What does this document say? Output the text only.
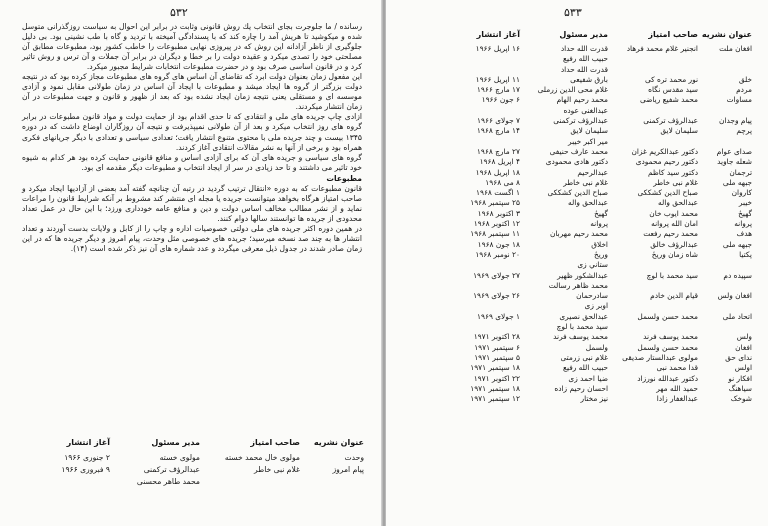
۵۳۲

رسانده / ما جلوجرت بجای انتخاب یك روش قانونی وثابت در برابر این احوال به سیاست روزگذرانی متوسل شده و میکوشید تا هریش آمد را چاره کند که با پسندادگی آمیخته با تردید و گاه با طب نشینی بود. بی دلیل جلوگیری از ناظر آزادانه این روش که در پیروزی نهایی مطبوعات را خاطب کشور بود، مطبوعات مطابق آن مصلحتی خود را تصدی میکرد و عقیده دولت را بر خطا و دیگران در برابر آن جملات و آن ترس و روش تاثیر کرد و در قانون اساسی صرف بود و در حضرت مطبوعات انتخابات شرایط مجبور میکرد.

این مفعول زمان بعنوان دولت ابرد که تقاضای آن اساس های گروه های مطبوعات مجاز کرده بود که در نتیجه دولت بزرگتر از گروه ها ایجاد میشد و مطبوعات با ایجاد آن اساس در زمان طولانی مقابل نمود و آزادی موسسه ای و مستقلی یعنی نتیجه زمان ایجاد نشده بود که بعد از ظهور و قانون و جهت مطبوعات در آن زمان انتشار میکردند.

ازادی چاپ جریده های ملی و انتقادی که تا حدی اقدام بود از حمایت دولت و مواد قانون مطبوعات در برابر گروه های روز انتخاب میکرد و بعد از آن طولانی نمیپذیرفت و نتیجه آن روزگاران اوضاع داشت که در دوره ۱۳۴۵ بیست و چند جریده ملی با محتوی متنوع انتشار یافت؛ تعدادی سیاسی و تعدادی با دیگر جریانهای فکری همراه بود و برخی از آنها به نشر مقالات انتقادی آغاز کردند.

گروه های سیاسی و جریده های آن که برای آزادی اساس و منافع قانونی حمایت کرده بود هر کدام به شیوه خود تاثیر می داشتند و تا حد زیادی در سر از ایجاد انتخاب و مطبوعات دیگر مقدمه ای بود.

مطبوعات

قانون مطبوعات که به دوره «انتقال ترتیب گردید در رتبه آن چنانچه گفته آمد بعضی از آزادیها ایجاد میکرد و صاحب امتیاز هرگاه بخواهد میتوانست جریده یا مجله ای منتشر کند مشروط بر آنکه شرایط قانون را مراعات نماید و از نشر مطالب مخالف اساس دولت و دین و منافع عامه خودداری ورزد؛ با این حال در عمل تعداد محدودی از جریده ها توانستند سالها دوام کنند.

در همین دوره اکثر جریده های ملی دولتی خصوصیات اداره و چاپ را از کابل و ولایات بدست آوردند و تعداد انتشار ها به چند صد نسخه میرسید؛ جریده های خصوصی مثل وحدت، پیام امروز و دیگر جریده ها که در این زمان صادر شدند در جدول ذیل معرفی میگردد و عدد شماره های آن نیز ذکر شده است (۱۴).

عنوان نشریه
صاحب امتیاز
مدیر مسئول
آغاز انتشار
وحدت
مولوی خال محمد خسته
مولوی خسته
۲ جنوری ۱۹۶۶
پیام امروز
غلام نبی خاطر
عبدالرؤف ترکمنی
۹ فبروری ۱۹۶۶
محمد طاهر محسنی
۵۳۳
عنوان نشریه
صاحب امتیاز
مدیر مسئول
آغاز انتشار
افغان ملت
انجنیر غلام محمد فرهاد
قدرت الله حداد
۱۶ اپریل ۱۹۶۶
حبیب الله رفیع
قدرت الله حداد
خلق
نور محمد تره کی
بارق شفیعی
۱۱ اپریل ۱۹۶۶
مردم
سید مقدس نگاه
غلام محی الدین زرملی
۱۷ مارچ ۱۹۶۶
مساوات
محمد شفیع ریاضی
محمد رحیم الهام
۶ جون ۱۹۶۶
عبدالغنی عوده
پیام وجدان
عبدالرؤف ترکمنی
عبدالرؤف ترکمنی
۷ جولای ۱۹۶۶
پرچم
سلیمان لایق
سلیمان لایق
۱۴ مارچ ۱۹۶۸
میر اکبر خیبر
صدای عوام
دکتور عبدالکریم غزان
محمد عارف حنیفی
۲۷ مارچ ۱۹۶۸
شعله جاوید
دکتور رحیم محمودی
دکتور هادی محمودی
۴ اپریل ۱۹۶۸
ترجمان
دکتور سید کاظم
عبدالرحیم
۱۸ اپریل ۱۹۶۸
جبهه ملی
غلام نبی خاطر
غلام نبی خاطر
۸ می ۱۹۶۸
کاروان
صباح الدین کشککی
صباح الدین کشککی
۱ اگست ۱۹۶۸
خیبر
عبدالحق واله
عبدالحق واله
۲۵ سپتمبر ۱۹۶۸
گهیځ
محمد ایوب خان
گهیځ
۳ اکتوبر ۱۹۶۸
پروانه
امان الله پروانه
پروانه
۱۲ اکتوبر ۱۹۶۸
هدف
محمد رحیم رفعت
محمد رحیم مهربان
۱۱ سپتمبر ۱۹۶۸
جبهه ملی
عبدالرؤف خالق
اخلاق
۱۸ جون ۱۹۶۸
پکتیا
شاه زمان وریځ
وریځ
۲۰ نومبر ۱۹۶۸
ستاني زی
سپیده دم
سید محمد با لوچ
عبدالشکور ظهیر
۲۷ جولای ۱۹۶۹
محمد ظاهر رسالت
افغان ولس
قیام الدین خادم
سادرحمان
۲۶ جولای ۱۹۶۹
اوبر زی
اتحاد ملی
محمد حسن ولسمل
عبدالحق نصیری
۱ جولای ۱۹۶۹
سید محمد با لوچ
ولس
محمد یوسف فرند
محمد یوسف فرند
۲۸ اکتوبر ۱۹۷۱
افغان
محمد حسن ولسمل
ولسمل
۶ سپتمبر ۱۹۷۱
ندای حق
مولوی عبدالستار صدیقی
غلام نبی زرمتی
۵ سپتمبر ۱۹۷۱
اولس
قدا محمد نبی
حبیب الله رفیع
۱۸ سپتمبر ۱۹۷۱
افکار نو
دکتور عبدالله نورزاد
ضیا احمد زی
۲۲ اکتوبر ۱۹۷۱
سیاهنگ
حمید الله مهر
احسان رحیم زاده
۱۸ سپتمبر ۱۹۷۱
شوخک
عبدالغفار زادا
نیز مختار
۱۲ سپتمبر ۱۹۷۱
